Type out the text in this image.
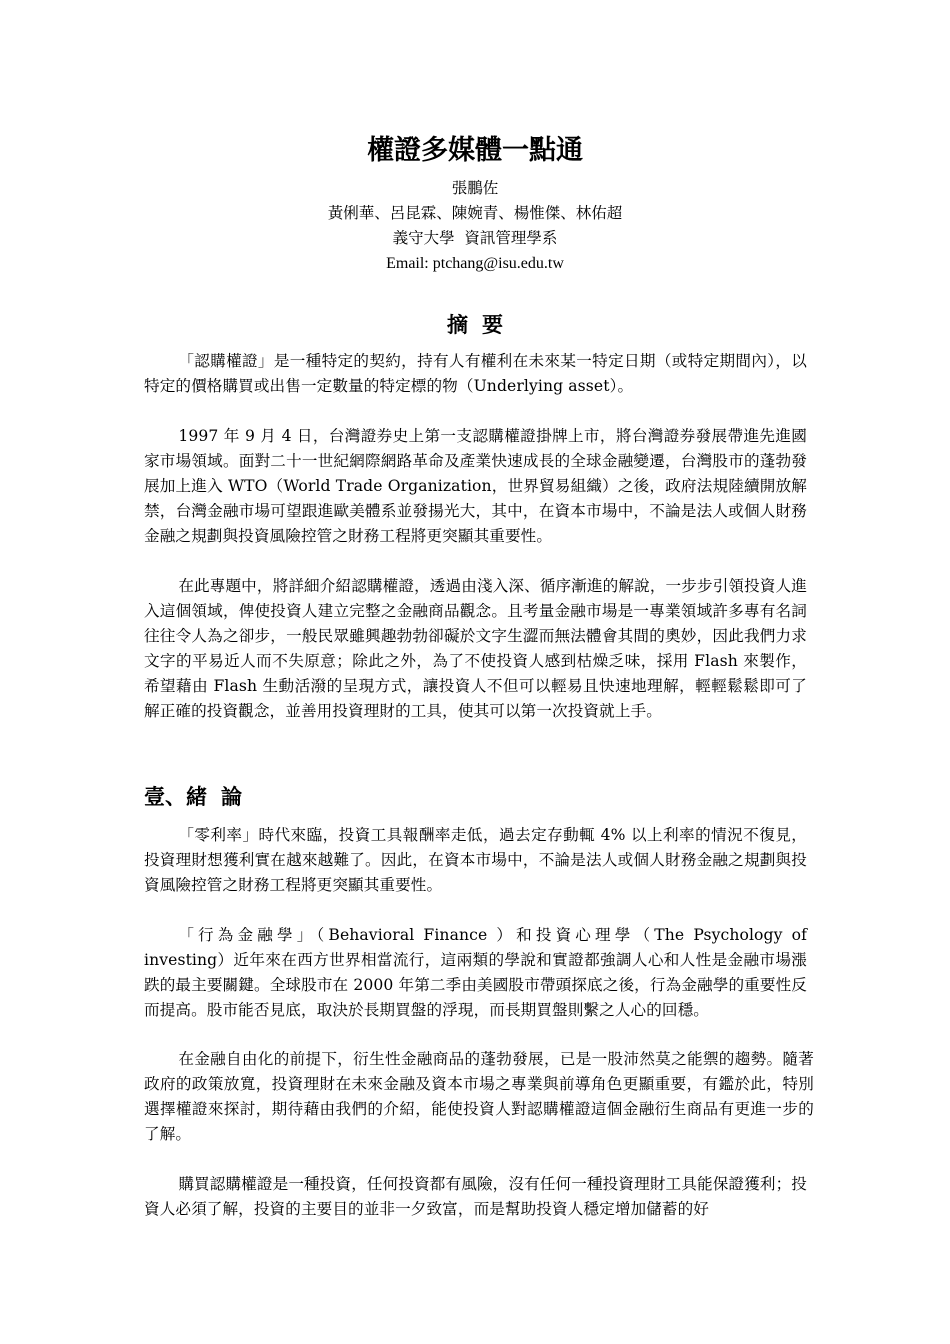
權證多媒體一點通
張鵬佐
黃俐華、呂昆霖、陳婉青、楊惟傑、林佑超
義守大學  資訊管理學系
Email: ptchang@isu.edu.tw
摘要
「認購權證」是一種特定的契約，持有人有權利在未來某一特定日期（或特定期間內），以特定的價格購買或出售一定數量的特定標的物（Underlying asset）。
1997 年 9 月 4 日，台灣證券史上第一支認購權證掛牌上市，將台灣證券發展帶進先進國家市場領域。面對二十一世紀網際網路革命及產業快速成長的全球金融變遷，台灣股市的蓬勃發展加上進入 WTO（World Trade Organization，世界貿易組織）之後，政府法規陸續開放解禁，台灣金融市場可望跟進歐美體系並發揚光大，其中，在資本市場中，不論是法人或個人財務金融之規劃與投資風險控管之財務工程將更突顯其重要性。
在此專題中，將詳細介紹認購權證，透過由淺入深、循序漸進的解說，一步步引領投資人進入這個領域，俾使投資人建立完整之金融商品觀念。且考量金融市場是一專業領域許多專有名詞往往令人為之卻步，一般民眾雖興趣勃勃卻礙於文字生澀而無法體會其間的奧妙，因此我們力求文字的平易近人而不失原意；除此之外，為了不使投資人感到枯燥乏味，採用 Flash 來製作，希望藉由 Flash 生動活潑的呈現方式，讓投資人不但可以輕易且快速地理解，輕輕鬆鬆即可了解正確的投資觀念，並善用投資理財的工具，使其可以第一次投資就上手。
壹、緒 論
「零利率」時代來臨，投資工具報酬率走低，過去定存動輒 4% 以上利率的情況不復見，投資理財想獲利實在越來越難了。因此，在資本市場中，不論是法人或個人財務金融之規劃與投資風險控管之財務工程將更突顯其重要性。
「行為金融學」（Behavioral Finance ）和投資心理學（The Psychology of investing）近年來在西方世界相當流行，這兩類的學說和實證都強調人心和人性是金融市場漲跌的最主要關鍵。全球股市在 2000 年第二季由美國股市帶頭探底之後，行為金融學的重要性反而提高。股市能否見底，取決於長期買盤的浮現，而長期買盤則繫之人心的回穩。
在金融自由化的前提下，衍生性金融商品的蓬勃發展，已是一股沛然莫之能禦的趨勢。隨著政府的政策放寬，投資理財在未來金融及資本市場之專業與前導角色更顯重要，有鑑於此，特別選擇權證來探討，期待藉由我們的介紹，能使投資人對認購權證這個金融衍生商品有更進一步的了解。
購買認購權證是一種投資，任何投資都有風險，沒有任何一種投資理財工具能保證獲利；投資人必須了解，投資的主要目的並非一夕致富，而是幫助投資人穩定增加儲蓄的好
